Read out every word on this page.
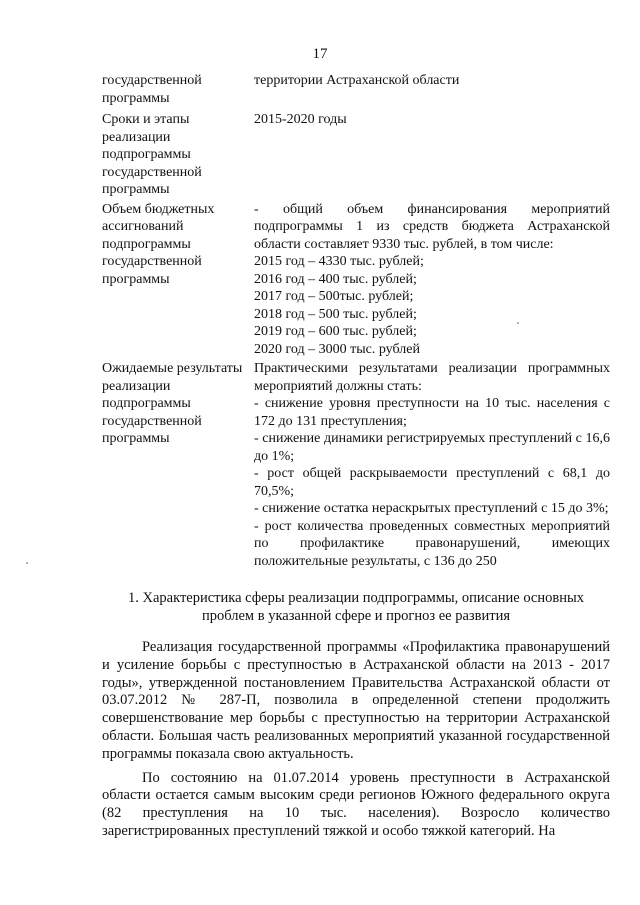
17
государственной программы
территории Астраханской области
Сроки и этапы реализации подпрограммы государственной программы
2015-2020 годы
Объем бюджетных ассигнований подпрограммы государственной программы
- общий объем финансирования мероприятий подпрограммы 1 из средств бюджета Астраханской области составляет 9330 тыс. рублей, в том числе:
2015 год – 4330 тыс. рублей;
2016 год – 400 тыс. рублей;
2017 год – 500тыс. рублей;
2018 год – 500 тыс. рублей;
2019 год – 600 тыс. рублей;
2020 год – 3000 тыс. рублей
Ожидаемые результаты реализации подпрограммы государственной программы
Практическими результатами реализации программных мероприятий должны стать:
- снижение уровня преступности на 10 тыс. населения с 172 до 131 преступления;
- снижение динамики регистрируемых преступлений с 16,6 до 1%;
- рост общей раскрываемости преступлений с 68,1 до 70,5%;
- снижение остатка нераскрытых преступлений с 15 до 3%;
- рост количества проведенных совместных мероприятий по профилактике правонарушений, имеющих положительные результаты, с 136 до 250
1. Характеристика сферы реализации подпрограммы, описание основных проблем в указанной сфере и прогноз ее развития

Реализация государственной программы «Профилактика правонарушений и усиление борьбы с преступностью в Астраханской области на 2013 - 2017 годы», утвержденной постановлением Правительства Астраханской области от 03.07.2012 № 287-П, позволила в определенной степени продолжить совершенствование мер борьбы с преступностью на территории Астраханской области. Большая часть реализованных мероприятий указанной государственной программы показала свою актуальность.

По состоянию на 01.07.2014 уровень преступности в Астраханской области остается самым высоким среди регионов Южного федерального округа (82 преступления на 10 тыс. населения). Возросло количество зарегистрированных преступлений тяжкой и особо тяжкой категорий. На
